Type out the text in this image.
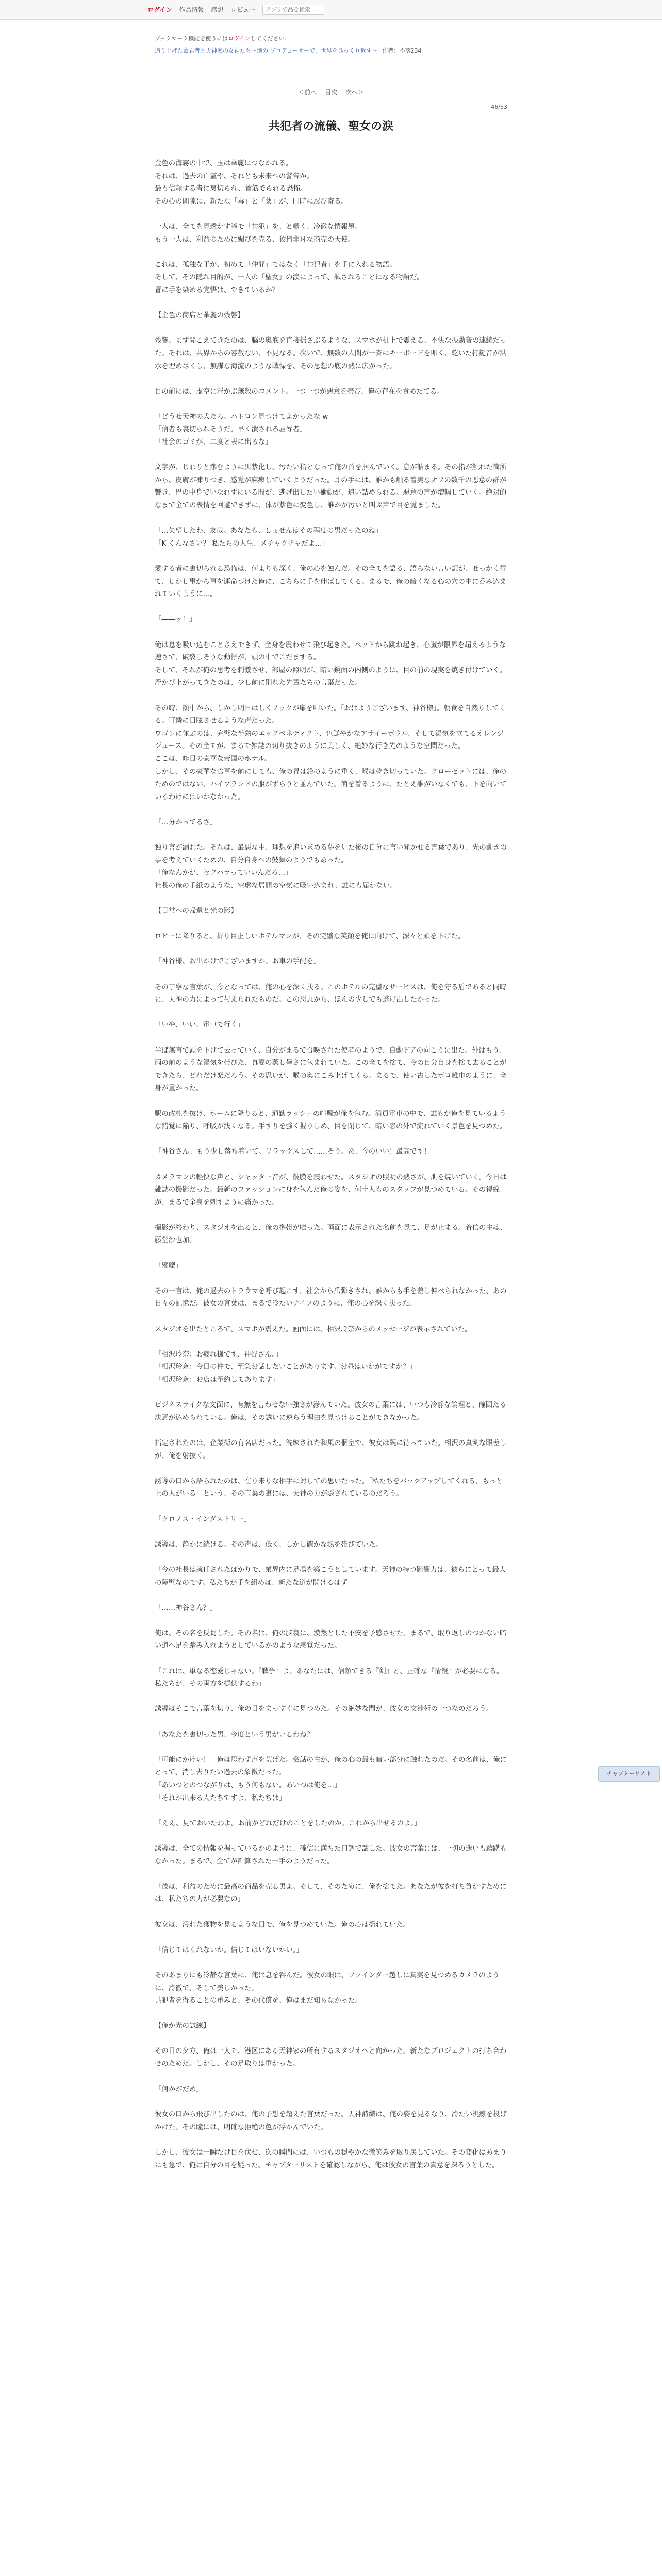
ログイン 作品情報 感想 レビュー
アプリで品を検索
ブックマーク機能を使うにはログインしてください。
追り上げた藍君者と天神家の女神たち〜地の ブロデューサーで、世界をひっくり返す〜 作者：不落234
＜前へ 目次 次へ＞
46/53
共犯者の流儀、聖女の涙

金色の海霧の中で、玉は華麗につなかれる。

それは、過去の亡霊や、それとも未来への警告か。

最も信頼する者に裏切られ、首筋でられる恐怖。

その心の間隙に、新たな「毒」と「薬」が、同時に忍び寄る。

一人は、全てを見透かす瞳で「共犯」を、と囁く、冷徹な情報屋。

もう一人は、利益のために媚びを売る、狡猾非凡な商売の天使。

これは、孤独な王が、初めて「仲間」ではなく「共犯者」を手に入れる物語。

そして、その隠れ目的が、一人の「聖女」の涙によって、試されることになる物語だ。

冒に手を染める覚悟は、できているか？

【全色の商店と華麗の残響】

残響。まず聞こえてきたのは、脳の奥底を直接揺さぶるような、スマホが机上で震える、不快な振動音の連続だった。それは、共界からの容赦ない、不見なる。次いで、無数の人間が一斉にキーボードを叩く、乾いた打鍵音が洪水を埋め尽くし、無謀な海流のような戦慄を、その思想の底の熱に広がった。

目の前には、虚空に浮かぶ無数のコメント。一つ一つが悪意を帯び、俺の存在を責めたてる。

「どうせ天神の犬だろ。パトロン見つけてよかったな w」

「信者も裏切られそうだ。早く潰されろ屈辱者」

「社会のゴミが、二度と表に出るな」

文字が、じわりと滲むように黒紫化し、汚たい指となって俺の首を掴んでいく。息が詰まる。その指が触れた箇所から、皮膚が凍りつき、感覚が麻痺していくようだった。耳の手には、誰かも触る着実なオフの数千の悪意の群が響き、胃の中身でいなれずにいる間が、逃げ出したい衝動が、追い詰められる。悪意の声が増幅していく。絶対的なまで全ての表情を回避できずに、体が紫色に変色し、誰かが汚いと叫ぶ声で目を覚ました。

「…失望したわ、友哉。あなたも、しょせんはその程度の男だったのね」

「K くんなさい？ 私たちの人生、メチャクチャだよ…」

愛する者に裏切られる恐怖は、何よりも深く、俺の心を蝕んだ。その全てを語る、語らない言い訳が、せっかく得て、しかし事から事を運命づけた俺に、こちらに手を伸ばしてくる。まるで、俺の暗くなる心の穴の中に呑み込まれていくように…。

「――ッ！」

俺は息を吸い込むことさえできず、全身を震わせて飛び起きた。ベッドから跳ね起き、心臓が限界を超えるような速さで、破裂しそうな動悸が、頭の中でこだまする。

そして、それが俺の思考を刺激させ、部屋の照明が、暗い鏡面の内側のように、目の前の現実を焼き付けていく。浮かび上がってきたのは、少し前に別れた先輩たちの言葉だった。

その時、顔中から、しかし明日はしくノックが扉を叩いた。「おはようございます、神谷様」。朝食を自然りしてくる。可憐に目眩させるような声だった。

ワゴンに並ぶのは、完璧な半熟のエッグベネディクト、色鮮やかなアサイーボウル、そして湯気を立てるオレンジジュース。その全てが、まるで雑誌の切り抜きのように美しく、絶妙な行き先のような空間だった。

ここは、昨日の豪華な帝国のホテル。

しかし、その豪華な食事を前にしても、俺の胃は鉛のように重く、喉は乾き切っていた。クローゼットには、俺のためのではない、ハイブランドの服がずらりと並んでいた。簡を着るように、たとえ誰がいなくても、下を向いているわけにはいかなかった。

「…分かってるさ」

独り言が漏れた。それは、最悪な中、理想を追い求める夢を見た後の自分に言い聞かせる言葉であり、先の動きの事を考えていくための、自分自身への鼓舞のようでもあった。

「俺なんかが、セクハラっていいんだろ…」

社長の俺の手紙のような、空虚な居間の空気に吸い込まれ、誰にも届かない。

【日常への帰還と光の影】

ロビーに降りると、折り目正しいホテルマンが、その完璧な笑顔を俺に向けて、深々と頭を下げた。

「神谷様、お出かけでございますか。お車の手配を」

その丁寧な言葉が、今となっては、俺の心を深く抉る。このホテルの完璧なサービスは、俺を守る盾であると同時に、天神の力によって与えられたものだ。この恩恵から、ほんの少しでも逃げ出したかった。

「いや、いい。電車で行く」

半ば無言で頭を下げて去っていく、自分がまるで召喚された使者のようで、自動ドアの向こうに出た。外はもう、雨の前のような湿気を帯びた、真夏の蒸し暑さに包まれていた。この全てを捨て、今の自分自身を捨て去ることができたら、どれだけ楽だろう。その思いが、喉の奥にこみ上げてくる。まるで、使い古したボロ雑巾のように、全身が重かった。

駅の改札を抜け、ホームに降りると、通勤ラッシュの喧騒が俺を包む。満員電車の中で、誰もが俺を見ているような錯覚に陥り、呼吸が浅くなる。手すりを強く握りしめ、目を閉じて、暗い窓の外で流れていく景色を見つめた。

「神谷さん、もう少し落ち着いて。リラックスして……そう。あ、今のいい！最高です！」

カメラマンの軽快な声と、シャッター音が、鼓膜を震わせた。スタジオの照明の熱さが、肌を焼いていく。今日は雑誌の撮影だった。最新のファッションに身を包んだ俺の姿を、何十人ものスタッフが見つめている。その視線が、まるで全身を刺すように痛かった。

撮影が終わり、スタジオを出ると、俺の携帯が鳴った。画面に表示された名前を見て、足が止まる。着信の主は、藤堂沙也加。

「邪魔」

その一言は、俺の過去のトラウマを呼び起こす。社会から爪弾きされ、誰からも手を差し伸べられなかった、あの日々の記憶だ。彼女の言葉は、まるで冷たいナイフのように、俺の心を深く抉った。

スタジオを出たところで、スマホが震えた。画面には、相沢玲奈からのメッセージが表示されていた。

「相沢玲奈：お疲れ様です、神谷さん。」

「相沢玲奈：今日の件で、至急お話したいことがあります。お昼はいかがですか？」

「相沢玲奈：お店は予約してあります」

ビジネスライクな文面に、有無を言わせない強さが滲んでいた。彼女の言葉には、いつも冷静な論理と、確固たる決意が込められている。俺は、その誘いに逆らう理由を見つけることができなかった。

指定されたのは、企業街の有名店だった。洗練された和風の個室で、彼女は既に待っていた。相沢の真剣な眼差しが、俺を射抜く。

誘導の口から語られたのは、在り来りな相手に対しての思いだった。「私たちをバックアップしてくれる、もっと上の人がいる」という、その言葉の裏には、天神の力が隠されているのだろう。

「クロノス・インダストリー」

誘導は、静かに続ける。その声は、低く、しかし確かな熱を帯びていた。

「今の社長は就任されたばかりで、業界内に足場を築こうとしています。天神の持つ影響力は、彼らにとって最大の障壁なのです。私たちが手を組めば、新たな道が開けるはず」

「……神谷さん？」

俺は、その名を反芻した。その名は、俺の脳裏に、漠然とした不安を予感させた。まるで、取り返しのつかない暗い道へ足を踏み入れようとしているかのような感覚だった。

「これは、単なる恋愛じゃない。『戦争』よ。あなたには、信頼できる『剣』と、正確な『情報』が必要になる。私たちが、その両方を提供するわ」

誘導はそこで言葉を切り、俺の目をまっすぐに見つめた。その絶妙な間が、彼女の交渉術の一つなのだろう。

「あなたを裏切った男、今度という男がいるわね？」

「可能にかけい！」俺は思わず声を荒げた。会話の主が、俺の心の最も暗い部分に触れたのだ。その名前は、俺にとって、消し去りたい過去の象徴だった。

「あいつとのつながりは、もう何もない。あいつは俺を…」

「それが出来る人たちですよ、私たちは」

「ええ、見ておいたわよ。お前がどれだけのことをしたのか。これから出せるのよ。」

誘導は、全ての情報を握っているかのように、確信に満ちた口調で話した。彼女の言葉には、一切の迷いも躊躇もなかった。まるで、全てが計算された一手のようだった。

「彼は、利益のために最高の商品を売る男よ。そして、そのために、俺を捨てた。あなたが彼を打ち負かすためには、私たちの力が必要なの」

彼女は、汚れた獲物を見るような目で、俺を見つめていた。俺の心は揺れていた。

「信じてはくれないか。信じてはいないかい。」

そのあまりにも冷静な言葉に、俺は息を呑んだ。彼女の眼は、ファインダー越しに真実を見つめるカメラのように、冷徹で、そして美しかった。

共犯者を得ることの重みと、その代償を、俺はまだ知らなかった。

【僅か光の試練】

その日の夕方、俺は一人で、港区にある天神家の所有するスタジオへと向かった。新たなプロジェクトの打ち合わせのためだ。しかし、その足取りは重かった。

「何かがだめ」

彼女の口から飛び出したのは、俺の予想を超えた言葉だった。天神詩織は、俺の姿を見るなり、冷たい視線を投げかけた。その瞳には、明確な拒絶の色が浮かんでいた。

しかし、彼女は一瞬だけ目を伏せ、次の瞬間には、いつもの穏やかな微笑みを取り戻していた。その変化はあまりにも急で、俺は自分の目を疑った。チャプターリストを確認しながら、俺は彼女の言葉の真意を探ろうとした。

チャプターリスト
